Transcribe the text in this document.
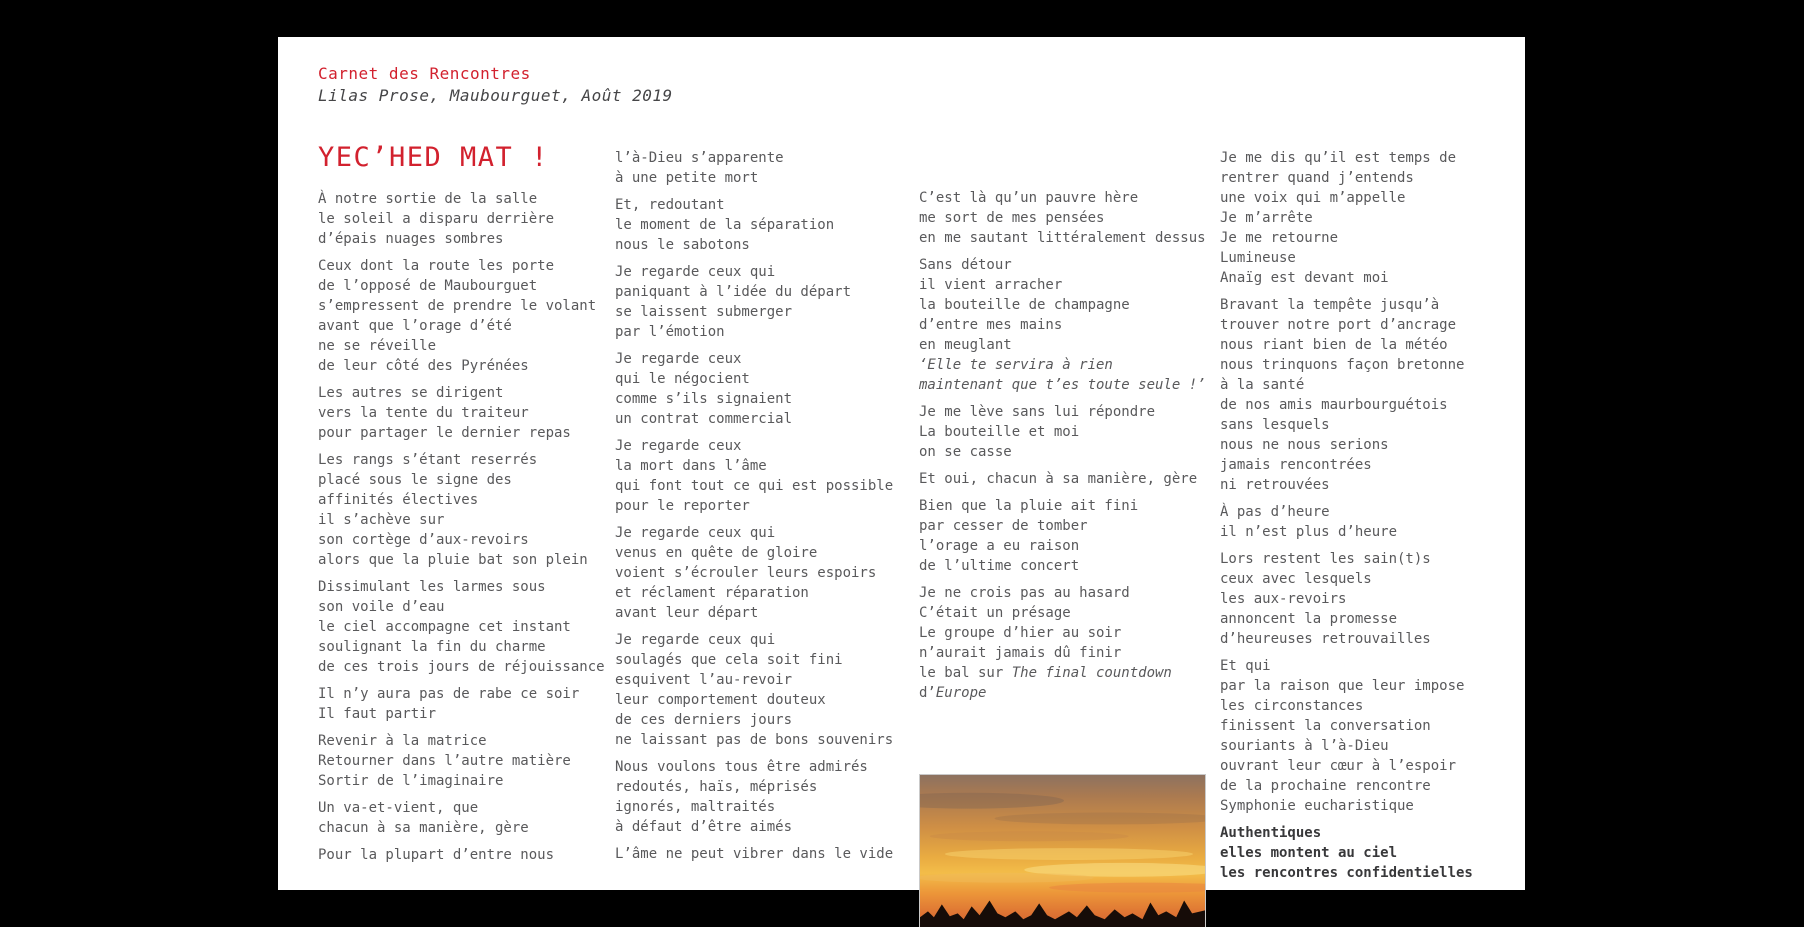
Carnet des Rencontres
Lilas Prose, Maubourguet, Août 2019
YEC’HED MAT !
À notre sortie de la salle
le soleil a disparu derrière
d’épais nuages sombres
Ceux dont la route les porte
de l’opposé de Maubourguet
s’empressent de prendre le volant
avant que l’orage d’été
ne se réveille
de leur côté des Pyrénées
Les autres se dirigent
vers la tente du traiteur
pour partager le dernier repas
Les rangs s’étant reserrés
placé sous le signe des
affinités électives
il s’achève sur
son cortège d’aux-revoirs
alors que la pluie bat son plein
Dissimulant les larmes sous
son voile d’eau
le ciel accompagne cet instant
soulignant la fin du charme
de ces trois jours de réjouissance
Il n’y aura pas de rabe ce soir
Il faut partir
Revenir à la matrice
Retourner dans l’autre matière
Sortir de l’imaginaire
Un va-et-vient, que
chacun à sa manière, gère
Pour la plupart d’entre nous
l’à-Dieu s’apparente
à une petite mort
Et, redoutant
le moment de la séparation
nous le sabotons
Je regarde ceux qui
paniquant à l’idée du départ
se laissent submerger
par l’émotion
Je regarde ceux
qui le négocient
comme s’ils signaient
un contrat commercial
Je regarde ceux
la mort dans l’âme
qui font tout ce qui est possible
pour le reporter
Je regarde ceux qui
venus en quête de gloire
voient s’écrouler leurs espoirs
et réclament réparation
avant leur départ
Je regarde ceux qui
soulagés que cela soit fini
esquivent l’au-revoir
leur comportement douteux
de ces derniers jours
ne laissant pas de bons souvenirs
Nous voulons tous être admirés
redoutés, haïs, méprisés
ignorés, maltraités
à défaut d’être aimés
L’âme ne peut vibrer dans le vide

C’est là qu’un pauvre hère
me sort de mes pensées
en me sautant littéralement dessus
Sans détour
il vient arracher
la bouteille de champagne
d’entre mes mains
en meuglant
‘Elle te servira à rien
maintenant que t’es toute seule !’
Je me lève sans lui répondre
La bouteille et moi
on se casse
Et oui, chacun à sa manière, gère
Bien que la pluie ait fini
par cesser de tomber
l’orage a eu raison
de l’ultime concert
Je ne crois pas au hasard
C’était un présage
Le groupe d’hier au soir
n’aurait jamais dû finir
le bal sur The final countdown
d’Europe

Je me dis qu’il est temps de
rentrer quand j’entends
une voix qui m’appelle
Je m’arrête
Je me retourne
Lumineuse
Anaïg est devant moi
Bravant la tempête jusqu’à
trouver notre port d’ancrage
nous riant bien de la météo
nous trinquons façon bretonne
à la santé
de nos amis maurbourguétois
sans lesquels
nous ne nous serions
jamais rencontrées
ni retrouvées
À pas d’heure
il n’est plus d’heure
Lors restent les sain(t)s
ceux avec lesquels
les aux-revoirs
annoncent la promesse
d’heureuses retrouvailles
Et qui
par la raison que leur impose
les circonstances
finissent la conversation
souriants à l’à-Dieu
ouvrant leur cœur à l’espoir
de la prochaine rencontre
Symphonie eucharistique
Authentiques
elles montent au ciel
les rencontres confidentielles
